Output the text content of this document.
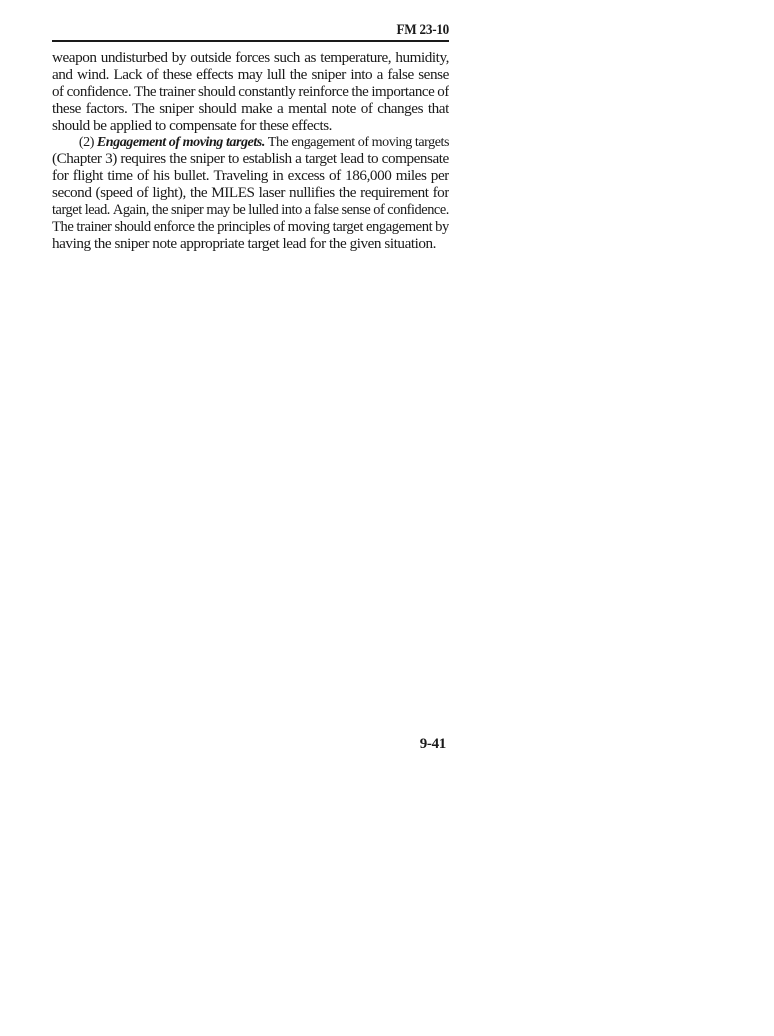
FM 23-10
weapon undisturbed by outside forces such as temperature, humidity,
and wind. Lack of these effects may lull the sniper into a false sense
of confidence. The trainer should constantly reinforce the importance of
these factors. The sniper should make a mental note of changes that
should be applied to compensate for these effects.
(2) Engagement of moving targets. The engagement of moving targets
(Chapter 3) requires the sniper to establish a target lead to compensate
for flight time of his bullet. Traveling in excess of 186,000 miles per
second (speed of light), the MILES laser nullifies the requirement for
target lead. Again, the sniper may be lulled into a false sense of confidence.
The trainer should enforce the principles of moving target engagement by
having the sniper note appropriate target lead for the given situation.
9-41
